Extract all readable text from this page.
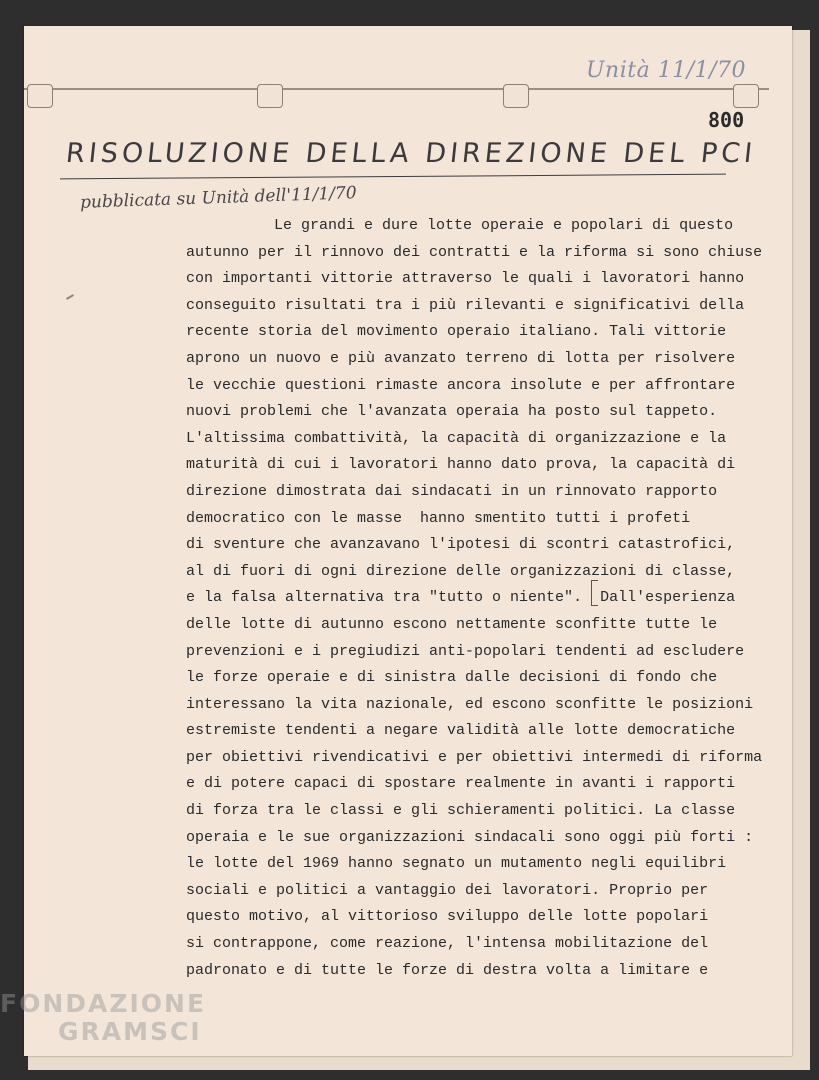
Unità 11/1/70
800
RISOLUZIONE DELLA DIREZIONE DEL PCI
pubblicata su Unità dell'11/1/70
Le grandi e dure lotte operaie e popolari di questo
autunno per il rinnovo dei contratti e la riforma si sono chiuse
con importanti vittorie attraverso le quali i lavoratori hanno
conseguito risultati tra i più rilevanti e significativi della
recente storia del movimento operaio italiano. Tali vittorie
aprono un nuovo e più avanzato terreno di lotta per risolvere
le vecchie questioni rimaste ancora insolute e per affrontare
nuovi problemi che l'avanzata operaia ha posto sul tappeto.
L'altissima combattività, la capacità di organizzazione e la
maturità di cui i lavoratori hanno dato prova, la capacità di
direzione dimostrata dai sindacati in un rinnovato rapporto
democratico con le masse  hanno smentito tutti i profeti
di sventure che avanzavano l'ipotesi di scontri catastrofici,
al di fuori di ogni direzione delle organizzazioni di classe,
e la falsa alternativa tra "tutto o niente".  Dall'esperienza
delle lotte di autunno escono nettamente sconfitte tutte le
prevenzioni e i pregiudizi anti-popolari tendenti ad escludere
le forze operaie e di sinistra dalle decisioni di fondo che
interessano la vita nazionale, ed escono sconfitte le posizioni
estremiste tendenti a negare validità alle lotte democratiche
per obiettivi rivendicativi e per obiettivi intermedi di riforma
e di potere capaci di spostare realmente in avanti i rapporti
di forza tra le classi e gli schieramenti politici. La classe
operaia e le sue organizzazioni sindacali sono oggi più forti :
le lotte del 1969 hanno segnato un mutamento negli equilibri
sociali e politici a vantaggio dei lavoratori. Proprio per
questo motivo, al vittorioso sviluppo delle lotte popolari
si contrappone, come reazione, l'intensa mobilitazione del
padronato e di tutte le forze di destra volta a limitare e
FONDAZIONE
GRAMSCI
